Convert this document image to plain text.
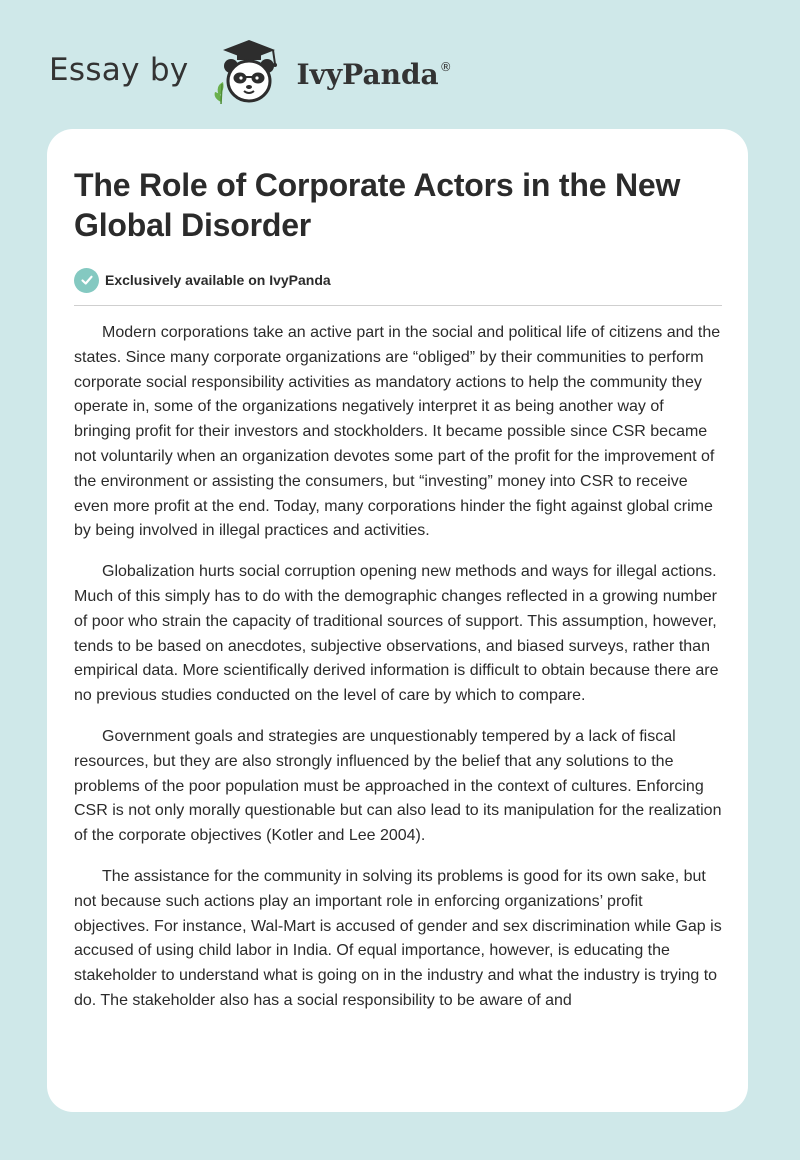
Essay by	IvyPanda ®
The Role of Corporate Actors in the New Global Disorder
Exclusively available on IvyPanda

Modern corporations take an active part in the social and political life of citizens and the states. Since many corporate organizations are “obliged” by their communities to perform corporate social responsibility activities as mandatory actions to help the community they operate in, some of the organizations negatively interpret it as being another way of bringing profit for their investors and stockholders. It became possible since CSR became not voluntarily when an organization devotes some part of the profit for the improvement of the environment or assisting the consumers, but “investing” money into CSR to receive even more profit at the end. Today, many corporations hinder the fight against global crime by being involved in illegal practices and activities.

Globalization hurts social corruption opening new methods and ways for illegal actions. Much of this simply has to do with the demographic changes reflected in a growing number of poor who strain the capacity of traditional sources of support. This assumption, however, tends to be based on anecdotes, subjective observations, and biased surveys, rather than empirical data. More scientifically derived information is difficult to obtain because there are no previous studies conducted on the level of care by which to compare.

Government goals and strategies are unquestionably tempered by a lack of fiscal resources, but they are also strongly influenced by the belief that any solutions to the problems of the poor population must be approached in the context of cultures. Enforcing CSR is not only morally questionable but can also lead to its manipulation for the realization of the corporate objectives (Kotler and Lee 2004).

The assistance for the community in solving its problems is good for its own sake, but not because such actions play an important role in enforcing organizations’ profit objectives. For instance, Wal-Mart is accused of gender and sex discrimination while Gap is accused of using child labor in India. Of equal importance, however, is educating the stakeholder to understand what is going on in the industry and what the industry is trying to do. The stakeholder also has a social responsibility to be aware of and
